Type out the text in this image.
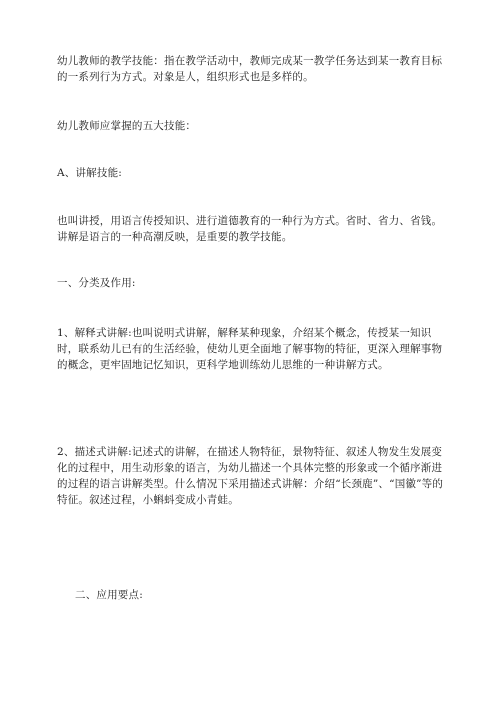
幼儿教师的教学技能：指在教学活动中，教师完成某一教学任务达到某一教育目标的一系列行为方式。对象是人，组织形式也是多样的。

幼儿教师应掌握的五大技能：

A、讲解技能:

也叫讲授，用语言传授知识、进行道德教育的一种行为方式。省时、省力、省钱。讲解是语言的一种高潮反映，是重要的教学技能。

一、分类及作用:

1、解释式讲解:也叫说明式讲解，解释某种现象，介绍某个概念，传授某一知识时，联系幼儿已有的生活经验，使幼儿更全面地了解事物的特征，更深入理解事物的概念，更牢固地记忆知识，更科学地训练幼儿思维的一种讲解方式。

2、描述式讲解:记述式的讲解，在描述人物特征，景物特征、叙述人物发生发展变化的过程中，用生动形象的语言，为幼儿描述一个具体完整的形象或一个循序渐进的过程的语言讲解类型。什么情况下采用描述式讲解：介绍“长颈鹿”、“国徽”等的特征。叙述过程，小蝌蚪变成小青蛙。

二、应用要点:
